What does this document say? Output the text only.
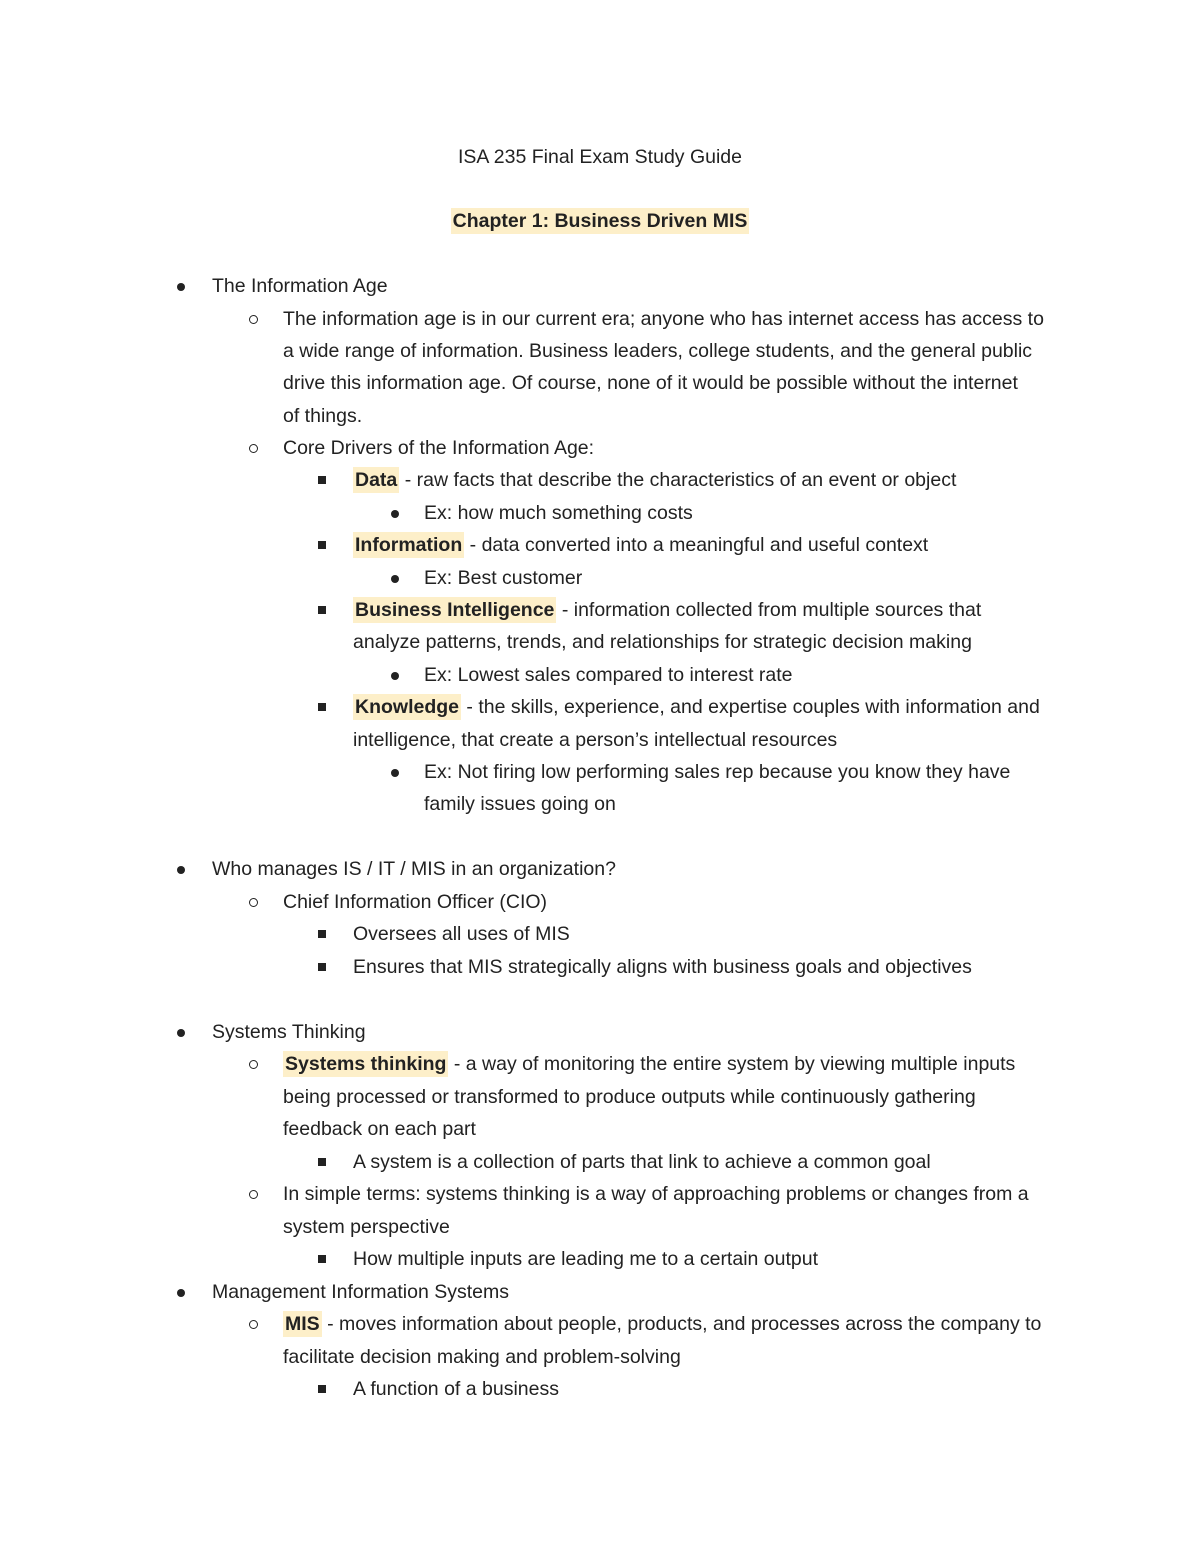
ISA 235 Final Exam Study Guide
Chapter 1: Business Driven MIS
The Information Age
The information age is in our current era; anyone who has internet access has access to
a wide range of information. Business leaders, college students, and the general public
drive this information age. Of course, none of it would be possible without the internet
of things.
Core Drivers of the Information Age:
Data - raw facts that describe the characteristics of an event or object
Ex: how much something costs
Information - data converted into a meaningful and useful context
Ex: Best customer
Business Intelligence - information collected from multiple sources that
analyze patterns, trends, and relationships for strategic decision making
Ex: Lowest sales compared to interest rate
Knowledge - the skills, experience, and expertise couples with information and
intelligence, that create a person’s intellectual resources
Ex: Not firing low performing sales rep because you know they have
family issues going on
Who manages IS / IT / MIS in an organization?
Chief Information Officer (CIO)
Oversees all uses of MIS
Ensures that MIS strategically aligns with business goals and objectives
Systems Thinking
Systems thinking - a way of monitoring the entire system by viewing multiple inputs
being processed or transformed to produce outputs while continuously gathering
feedback on each part
A system is a collection of parts that link to achieve a common goal
In simple terms: systems thinking is a way of approaching problems or changes from a
system perspective
How multiple inputs are leading me to a certain output
Management Information Systems
MIS - moves information about people, products, and processes across the company to
facilitate decision making and problem-solving
A function of a business
